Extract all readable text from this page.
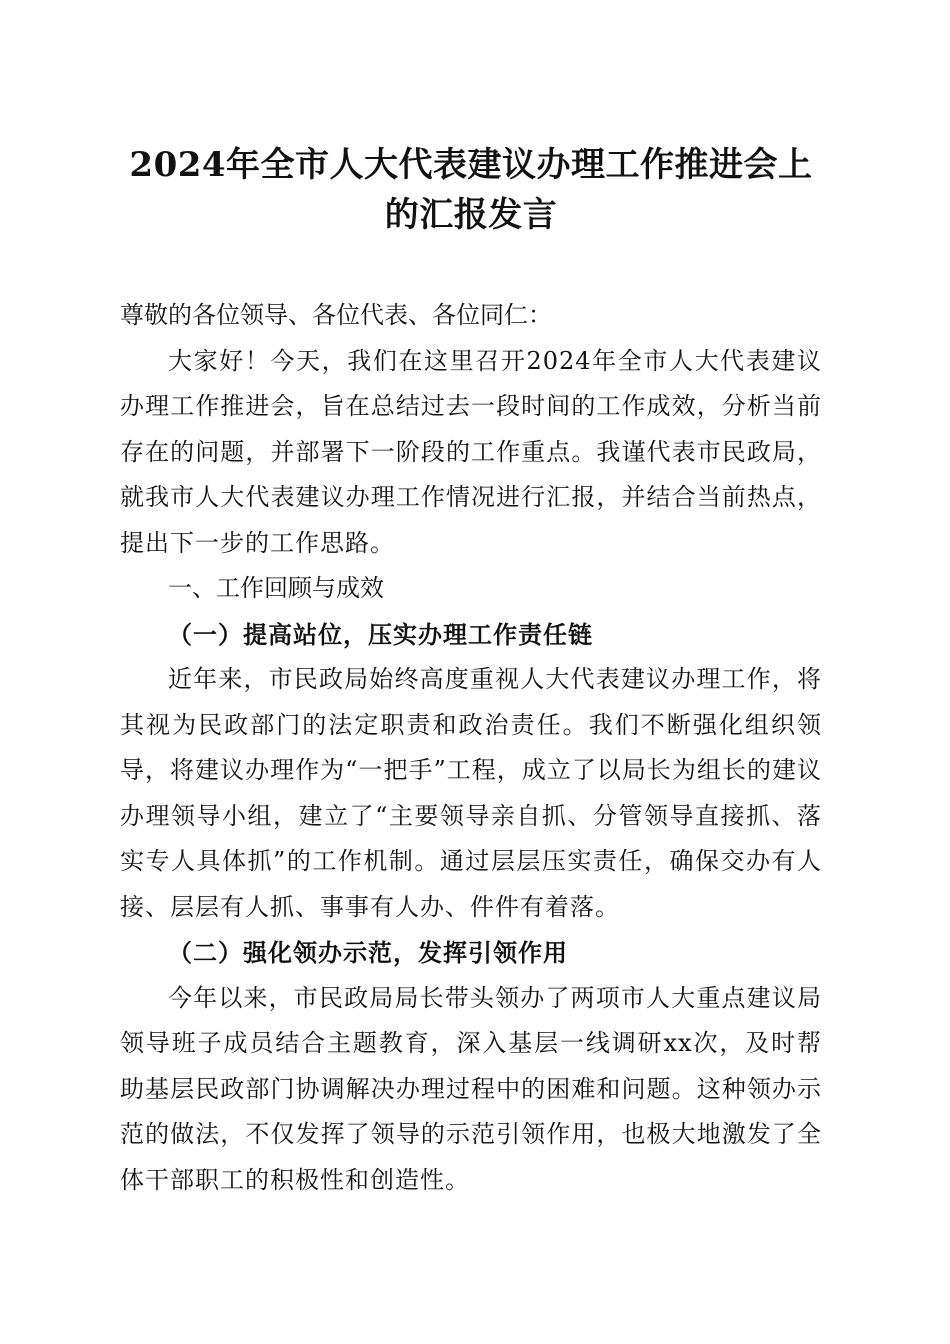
2024年全市人大代表建议办理工作推进会上的汇报发言

尊敬的各位领导、各位代表、各位同仁：

大家好！今天，我们在这里召开2024年全市人大代表建议办理工作推进会，旨在总结过去一段时间的工作成效，分析当前存在的问题，并部署下一阶段的工作重点。我谨代表市民政局，就我市人大代表建议办理工作情况进行汇报，并结合当前热点，提出下一步的工作思路。

一、工作回顾与成效

（一）提高站位，压实办理工作责任链

近年来，市民政局始终高度重视人大代表建议办理工作，将其视为民政部门的法定职责和政治责任。我们不断强化组织领导，将建议办理作为“一把手”工程，成立了以局长为组长的建议办理领导小组，建立了“主要领导亲自抓、分管领导直接抓、落实专人具体抓”的工作机制。通过层层压实责任，确保交办有人接、层层有人抓、事事有人办、件件有着落。

（二）强化领办示范，发挥引领作用

今年以来，市民政局局长带头领办了两项市人大重点建议局领导班子成员结合主题教育，深入基层一线调研xx次，及时帮助基层民政部门协调解决办理过程中的困难和问题。这种领办示范的做法，不仅发挥了领导的示范引领作用，也极大地激发了全体干部职工的积极性和创造性。
